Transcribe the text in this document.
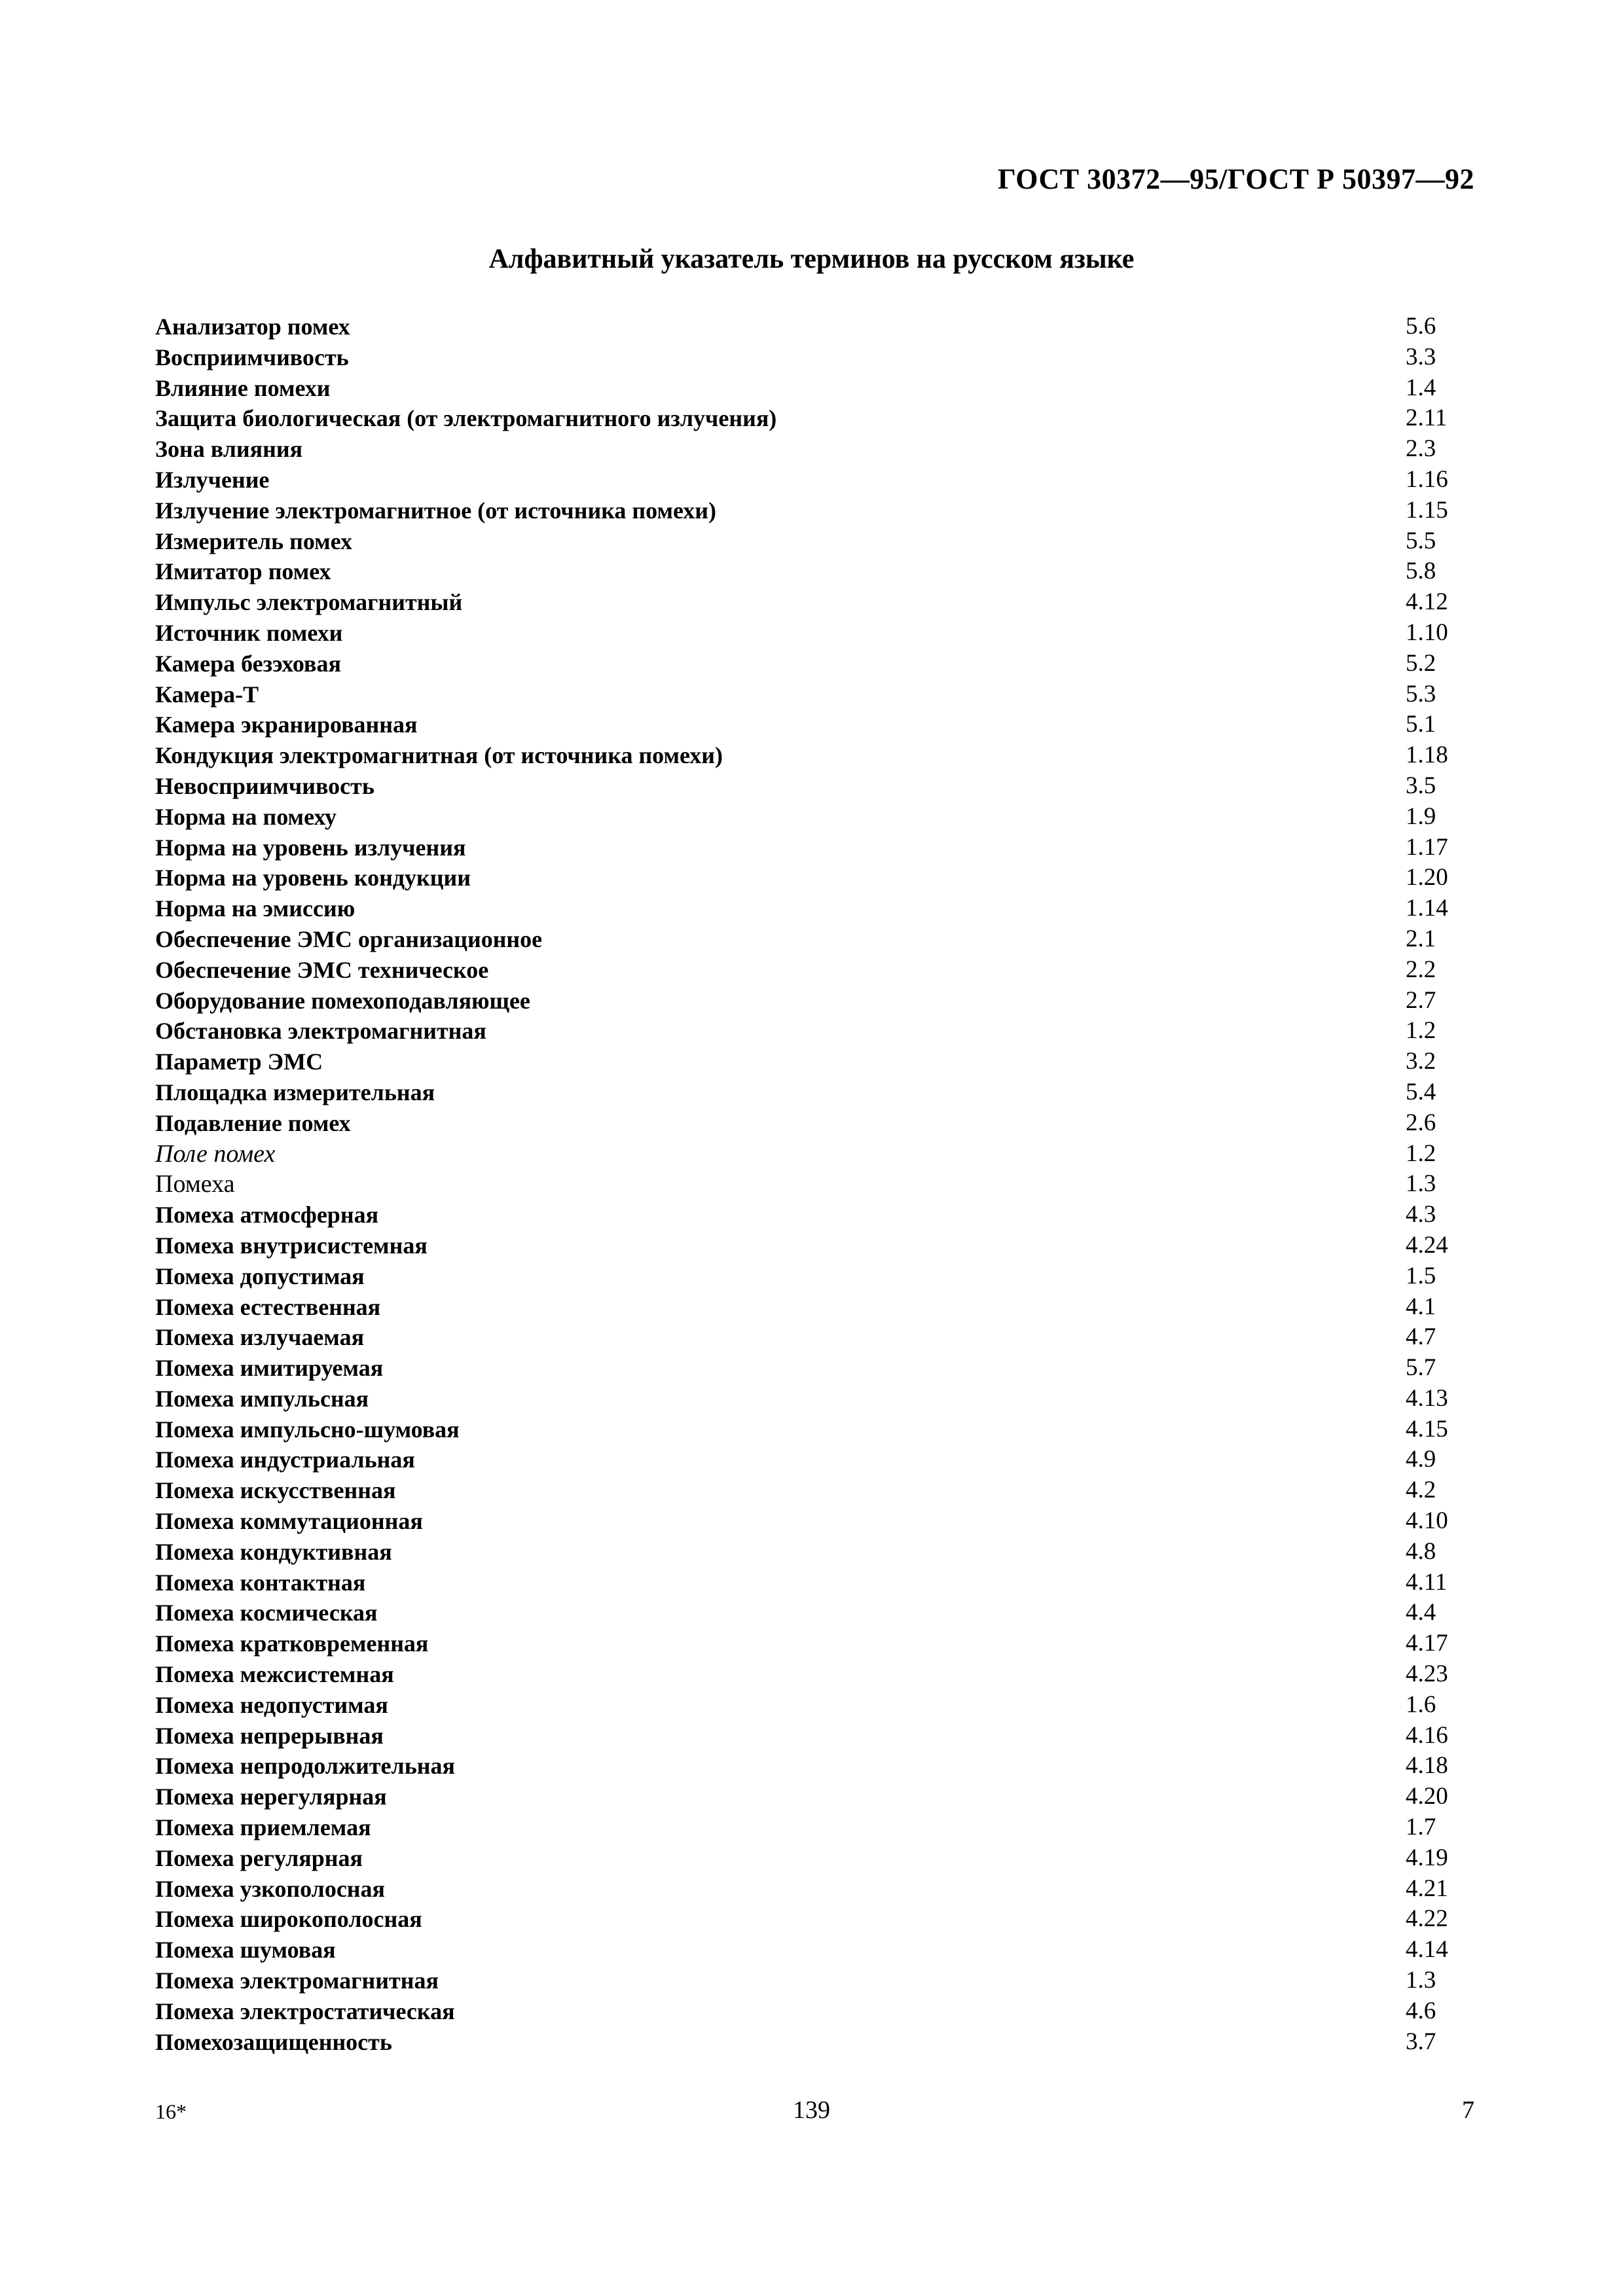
ГОСТ 30372—95/ГОСТ Р 50397—92
Алфавитный указатель терминов на русском языке
Анализатор помех	5.6
Восприимчивость	3.3
Влияние помехи	1.4
Защита биологическая (от электромагнитного излучения)	2.11
Зона влияния	2.3
Излучение	1.16
Излучение электромагнитное (от источника помехи)	1.15
Измеритель помех	5.5
Имитатор помех	5.8
Импульс электромагнитный	4.12
Источник помехи	1.10
Камера безэховая	5.2
Камера-Т	5.3
Камера экранированная	5.1
Кондукция электромагнитная (от источника помехи)	1.18
Невосприимчивость	3.5
Норма на помеху	1.9
Норма на уровень излучения	1.17
Норма на уровень кондукции	1.20
Норма на эмиссию	1.14
Обеспечение ЭМС организационное	2.1
Обеспечение ЭМС техническое	2.2
Оборудование помехоподавляющее	2.7
Обстановка электромагнитная	1.2
Параметр ЭМС	3.2
Площадка измерительная	5.4
Подавление помех	2.6
Поле помех	1.2
Помеха	1.3
Помеха атмосферная	4.3
Помеха внутрисистемная	4.24
Помеха допустимая	1.5
Помеха естественная	4.1
Помеха излучаемая	4.7
Помеха имитируемая	5.7
Помеха импульсная	4.13
Помеха импульсно-шумовая	4.15
Помеха индустриальная	4.9
Помеха искусственная	4.2
Помеха коммутационная	4.10
Помеха кондуктивная	4.8
Помеха контактная	4.11
Помеха космическая	4.4
Помеха кратковременная	4.17
Помеха межсистемная	4.23
Помеха недопустимая	1.6
Помеха непрерывная	4.16
Помеха непродолжительная	4.18
Помеха нерегулярная	4.20
Помеха приемлемая	1.7
Помеха регулярная	4.19
Помеха узкополосная	4.21
Помеха широкополосная	4.22
Помеха шумовая	4.14
Помеха электромагнитная	1.3
Помеха электростатическая	4.6
Помехозащищенность	3.7
16*	139	7
